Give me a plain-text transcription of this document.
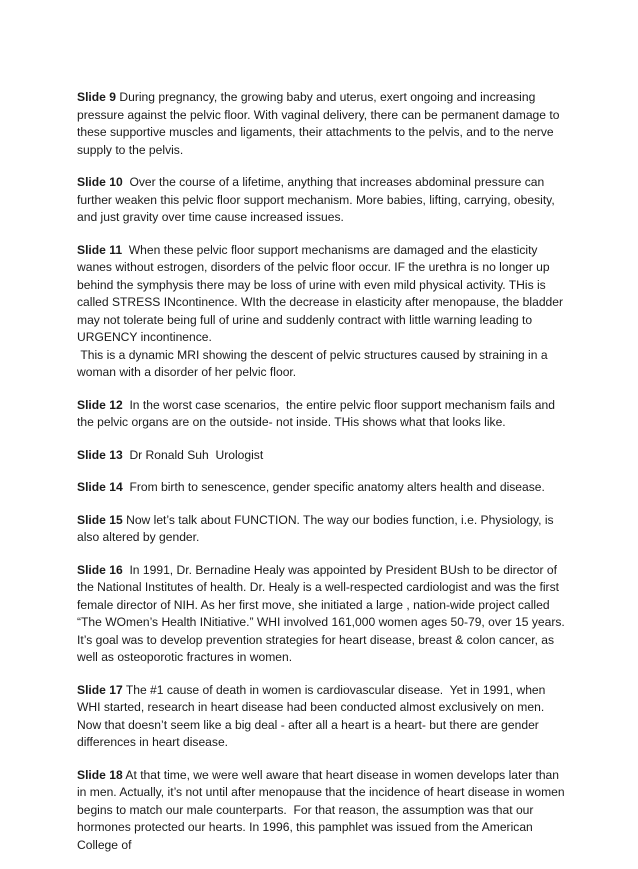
Slide 9 During pregnancy, the growing baby and uterus, exert ongoing and increasing pressure against the pelvic floor. With vaginal delivery, there can be permanent damage to these supportive muscles and ligaments, their attachments to the pelvis, and to the nerve supply to the pelvis.

Slide 10  Over the course of a lifetime, anything that increases abdominal pressure can further weaken this pelvic floor support mechanism. More babies, lifting, carrying, obesity, and just gravity over time cause increased issues.

Slide 11  When these pelvic floor support mechanisms are damaged and the elasticity wanes without estrogen, disorders of the pelvic floor occur. IF the urethra is no longer up behind the symphysis there may be loss of urine with even mild physical activity. THis is called STRESS INcontinence. WIth the decrease in elasticity after menopause, the bladder may not tolerate being full of urine and suddenly contract with little warning leading to URGENCY incontinence.
This is a dynamic MRI showing the descent of pelvic structures caused by straining in a woman with a disorder of her pelvic floor.

Slide 12  In the worst case scenarios,  the entire pelvic floor support mechanism fails and the pelvic organs are on the outside- not inside. THis shows what that looks like.

Slide 13  Dr Ronald Suh  Urologist

Slide 14  From birth to senescence, gender specific anatomy alters health and disease.

Slide 15 Now let’s talk about FUNCTION. The way our bodies function, i.e. Physiology, is also altered by gender.

Slide 16  In 1991, Dr. Bernadine Healy was appointed by President BUsh to be director of the National Institutes of health. Dr. Healy is a well-respected cardiologist and was the first female director of NIH. As her first move, she initiated a large , nation-wide project called “The WOmen’s Health INitiative.” WHI involved 161,000 women ages 50-79, over 15 years. It’s goal was to develop prevention strategies for heart disease, breast & colon cancer, as well as osteoporotic fractures in women.

Slide 17 The #1 cause of death in women is cardiovascular disease.  Yet in 1991, when WHI started, research in heart disease had been conducted almost exclusively on men. Now that doesn’t seem like a big deal - after all a heart is a heart- but there are gender differences in heart disease.

Slide 18 At that time, we were well aware that heart disease in women develops later than in men. Actually, it’s not until after menopause that the incidence of heart disease in women begins to match our male counterparts.  For that reason, the assumption was that our hormones protected our hearts. In 1996, this pamphlet was issued from the American College of
